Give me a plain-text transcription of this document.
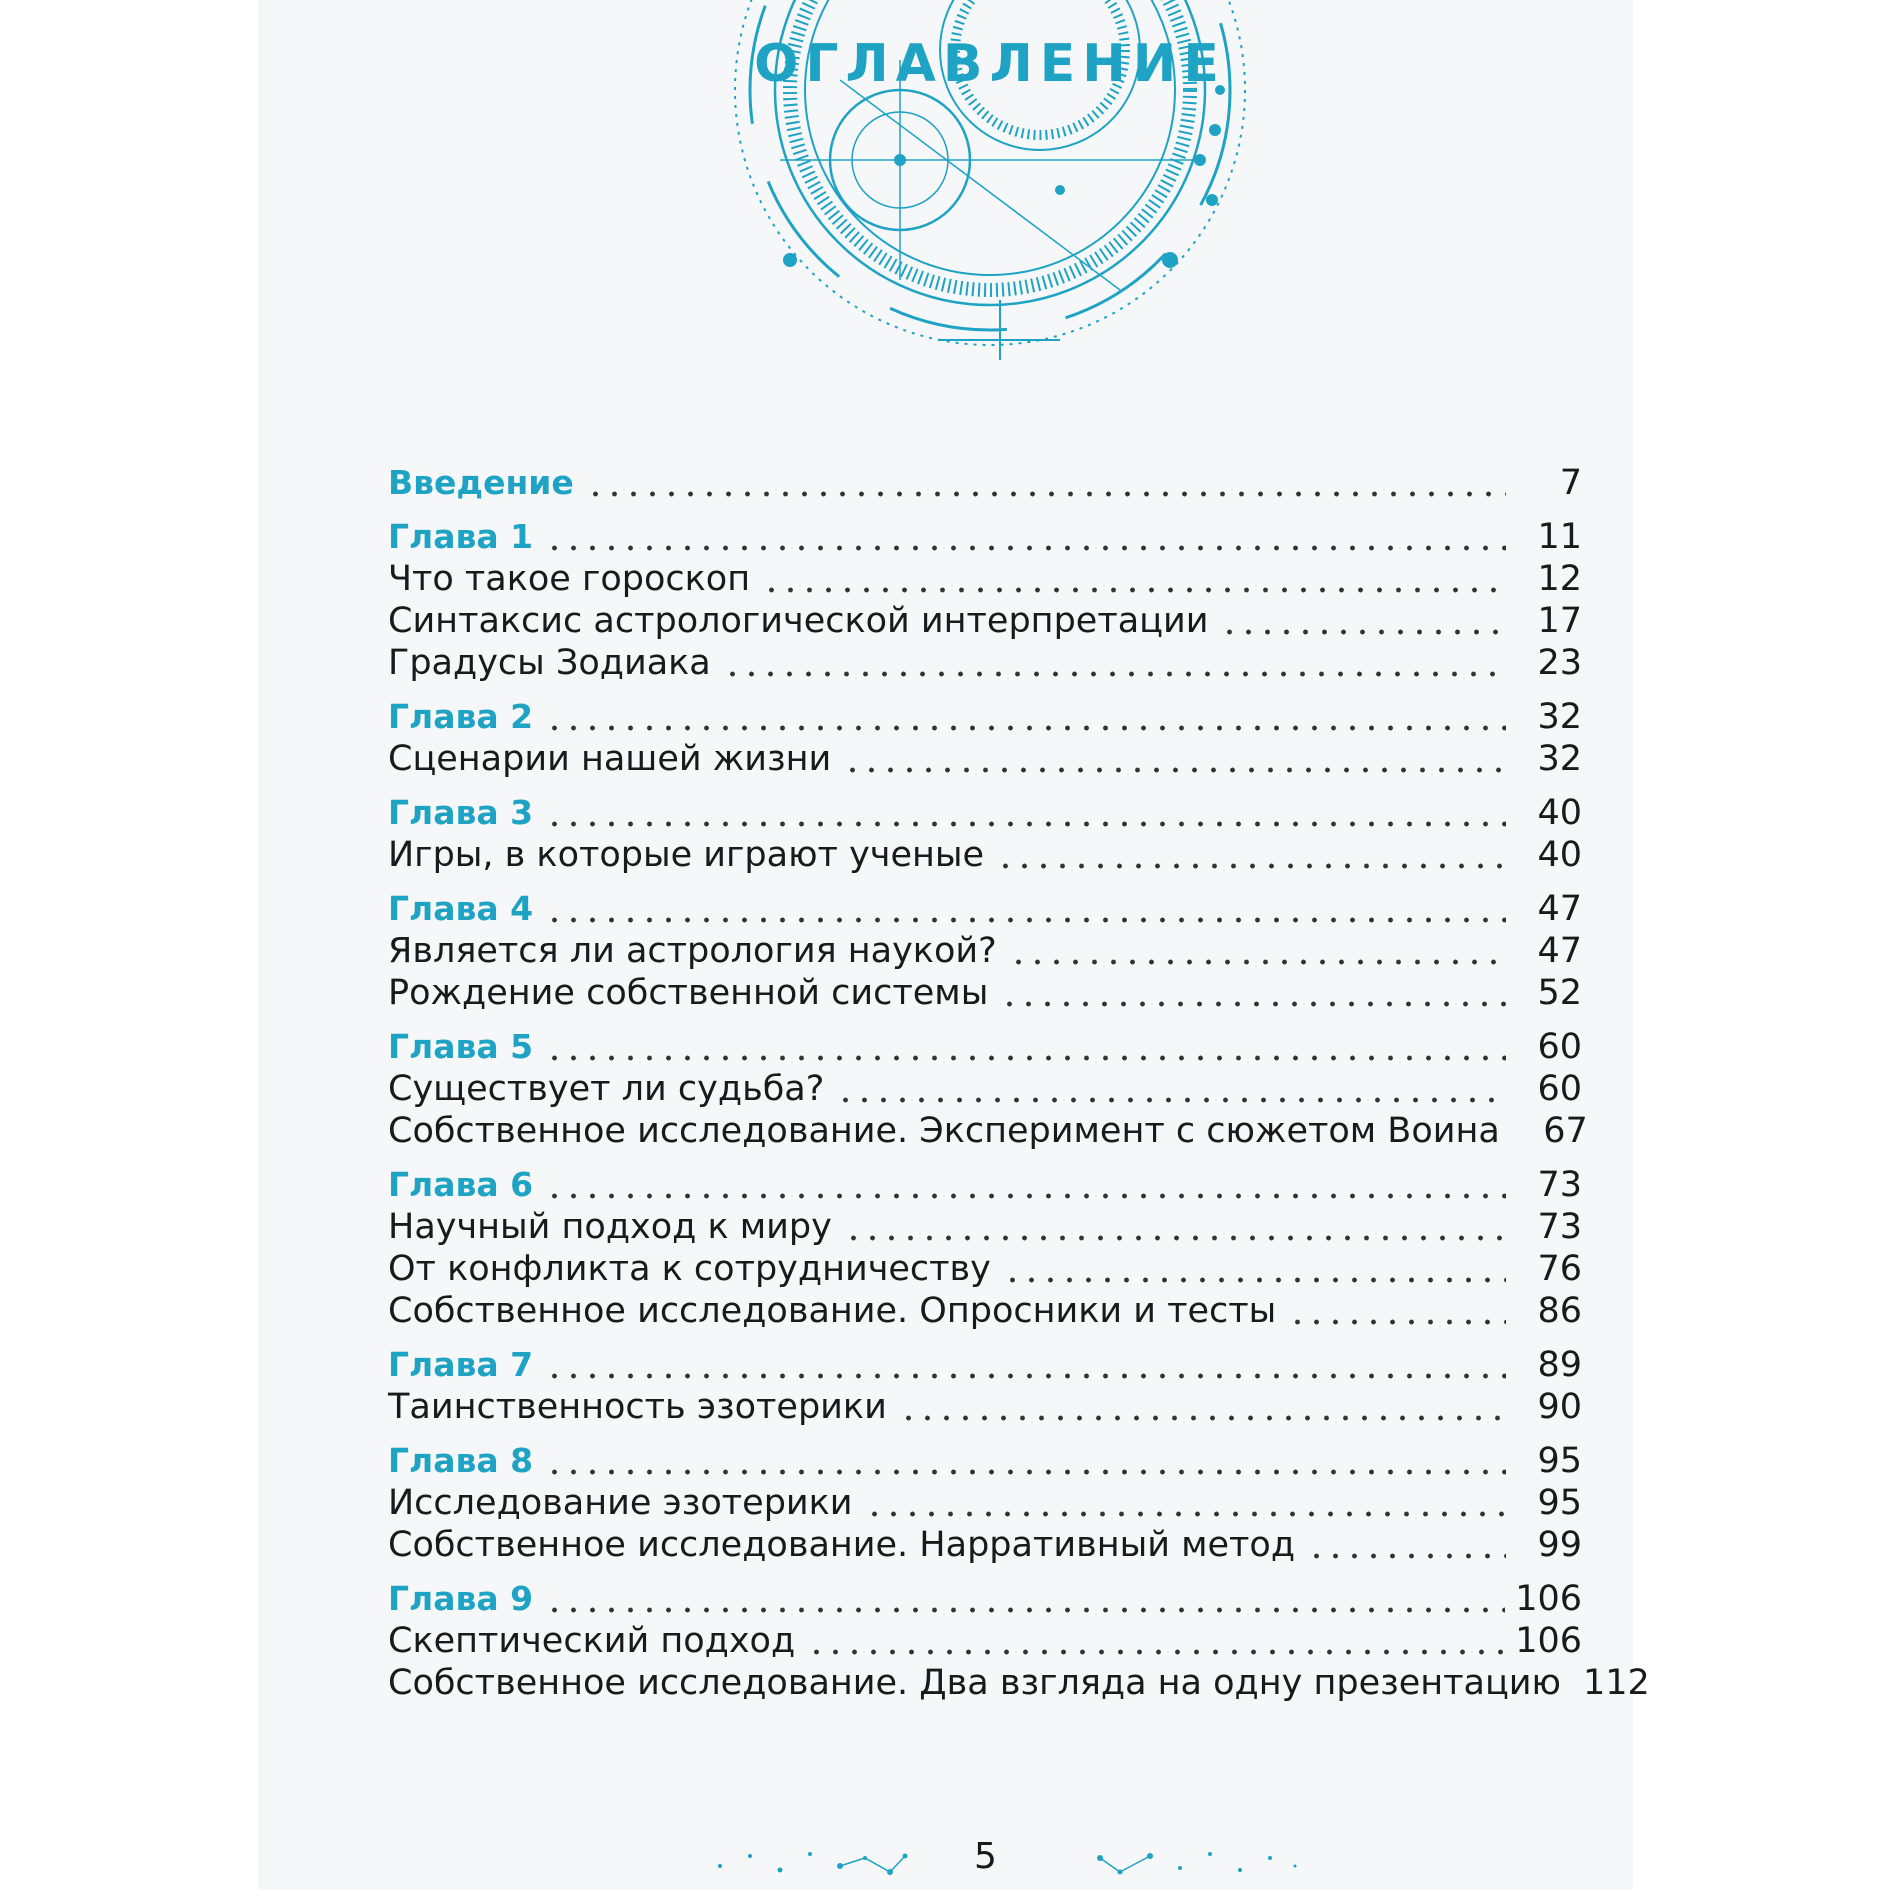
ОГЛАВЛЕНИЕ
Введение	7
Глава 1	11
Что такое гороскоп	12
Синтаксис астрологической интерпретации	17
Градусы Зодиака	23
Глава 2	32
Сценарии нашей жизни	32
Глава 3	40
Игры, в которые играют ученые	40
Глава 4	47
Является ли астрология наукой?	47
Рождение собственной системы	52
Глава 5	60
Существует ли судьба?	60
Собственное исследование. Эксперимент с сюжетом Воина	67
Глава 6	73
Научный подход к миру	73
От конфликта к сотрудничеству	76
Собственное исследование. Опросники и тесты	86
Глава 7	89
Таинственность эзотерики	90
Глава 8	95
Исследование эзотерики	95
Собственное исследование. Нарративный метод	99
Глава 9	106
Скептический подход	106
Собственное исследование. Два взгляда на одну презентацию 112
5
